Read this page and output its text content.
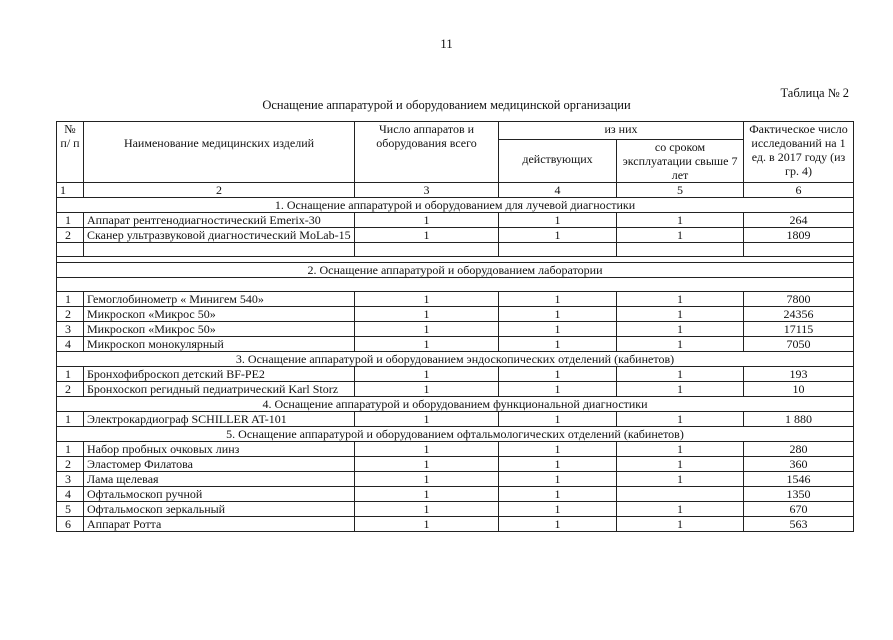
11
Таблица № 2
Оснащение аппаратурой и оборудованием медицинской организации
№ п/ п	Наименование медицинских изделий	Число аппаратов и оборудования всего	из них		Фактическое число исследований на 1 ед. в 2017 году (из гр. 4)
			действующих	со сроком эксплуатации свыше 7 лет	
1	2	3	4	5	6
1. Оснащение аппаратурой и оборудованием для лучевой диагностики					
1	Аппарат рентгенодиагностический Emerix-30	1	1	1	264
2	Сканер ультразвуковой диагностический MoLab-15	1	1	1	1809

2. Оснащение аппаратурой и оборудованием лаборатории					

1	Гемоглобинометр « Минигем 540»	1	1	1	7800
2	Микроскоп «Микрос 50»	1	1	1	24356
3	Микроскоп «Микрос 50»	1	1	1	17115
4	Микроскоп монокулярный	1	1	1	7050
3. Оснащение аппаратурой и оборудованием эндоскопических отделений (кабинетов)					
1	Бронхофиброскоп детский BF-PE2	1	1	1	193
2	Бронхоскоп регидный педиатрический Karl Storz	1	1	1	10
4. Оснащение аппаратурой и оборудованием функциональной диагностики					
1	Электрокардиограф SCHILLER AT-101	1	1	1	1 880
5. Оснащение аппаратурой и оборудованием офтальмологических отделений (кабинетов)					
1	Набор пробных очковых линз	1	1	1	280
2	Эластомер Филатова	1	1	1	360
3	Лама щелевая	1	1	1	1546
4	Офтальмоскоп ручной	1	1		1350
5	Офтальмоскоп зеркальный	1	1	1	670
6	Аппарат Ротта	1	1	1	563
